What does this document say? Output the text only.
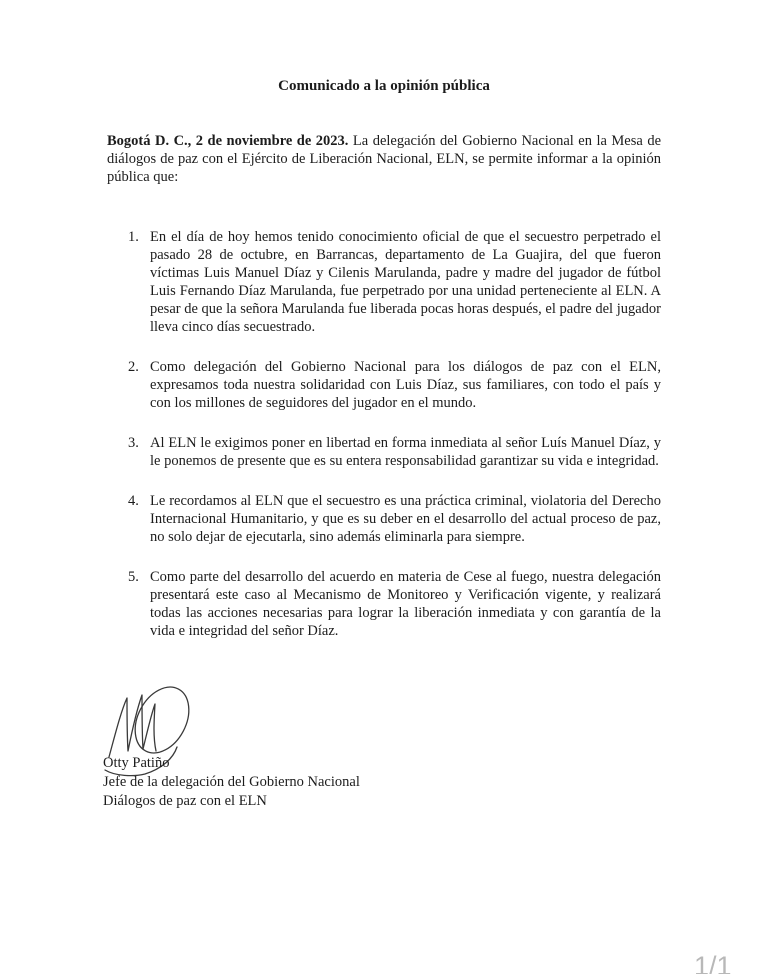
Comunicado a la opinión pública

Bogotá D. C., 2 de noviembre de 2023. La delegación del Gobierno Nacional en la Mesa de diálogos de paz con el Ejército de Liberación Nacional, ELN, se permite informar a la opinión pública que:

1. En el día de hoy hemos tenido conocimiento oficial de que el secuestro perpetrado el pasado 28 de octubre, en Barrancas, departamento de La Guajira, del que fueron víctimas Luis Manuel Díaz y Cilenis Marulanda, padre y madre del jugador de fútbol Luis Fernando Díaz Marulanda, fue perpetrado por una unidad perteneciente al ELN. A pesar de que la señora Marulanda fue liberada pocas horas después, el padre del jugador lleva cinco días secuestrado.
2. Como delegación del Gobierno Nacional para los diálogos de paz con el ELN, expresamos toda nuestra solidaridad con Luis Díaz, sus familiares, con todo el país y con los millones de seguidores del jugador en el mundo.
3. Al ELN le exigimos poner en libertad en forma inmediata al señor Luís Manuel Díaz, y le ponemos de presente que es su entera responsabilidad garantizar su vida e integridad.
4. Le recordamos al ELN que el secuestro es una práctica criminal, violatoria del Derecho Internacional Humanitario, y que es su deber en el desarrollo del actual proceso de paz, no solo dejar de ejecutarla, sino además eliminarla para siempre.
5. Como parte del desarrollo del acuerdo en materia de Cese al fuego, nuestra delegación presentará este caso al Mecanismo de Monitoreo y Verificación vigente, y realizará todas las acciones necesarias para lograr la liberación inmediata y con garantía de la vida e integridad del señor Díaz.
Otty Patiño
Jefe de la delegación del Gobierno Nacional
Diálogos de paz con el ELN
1/1
